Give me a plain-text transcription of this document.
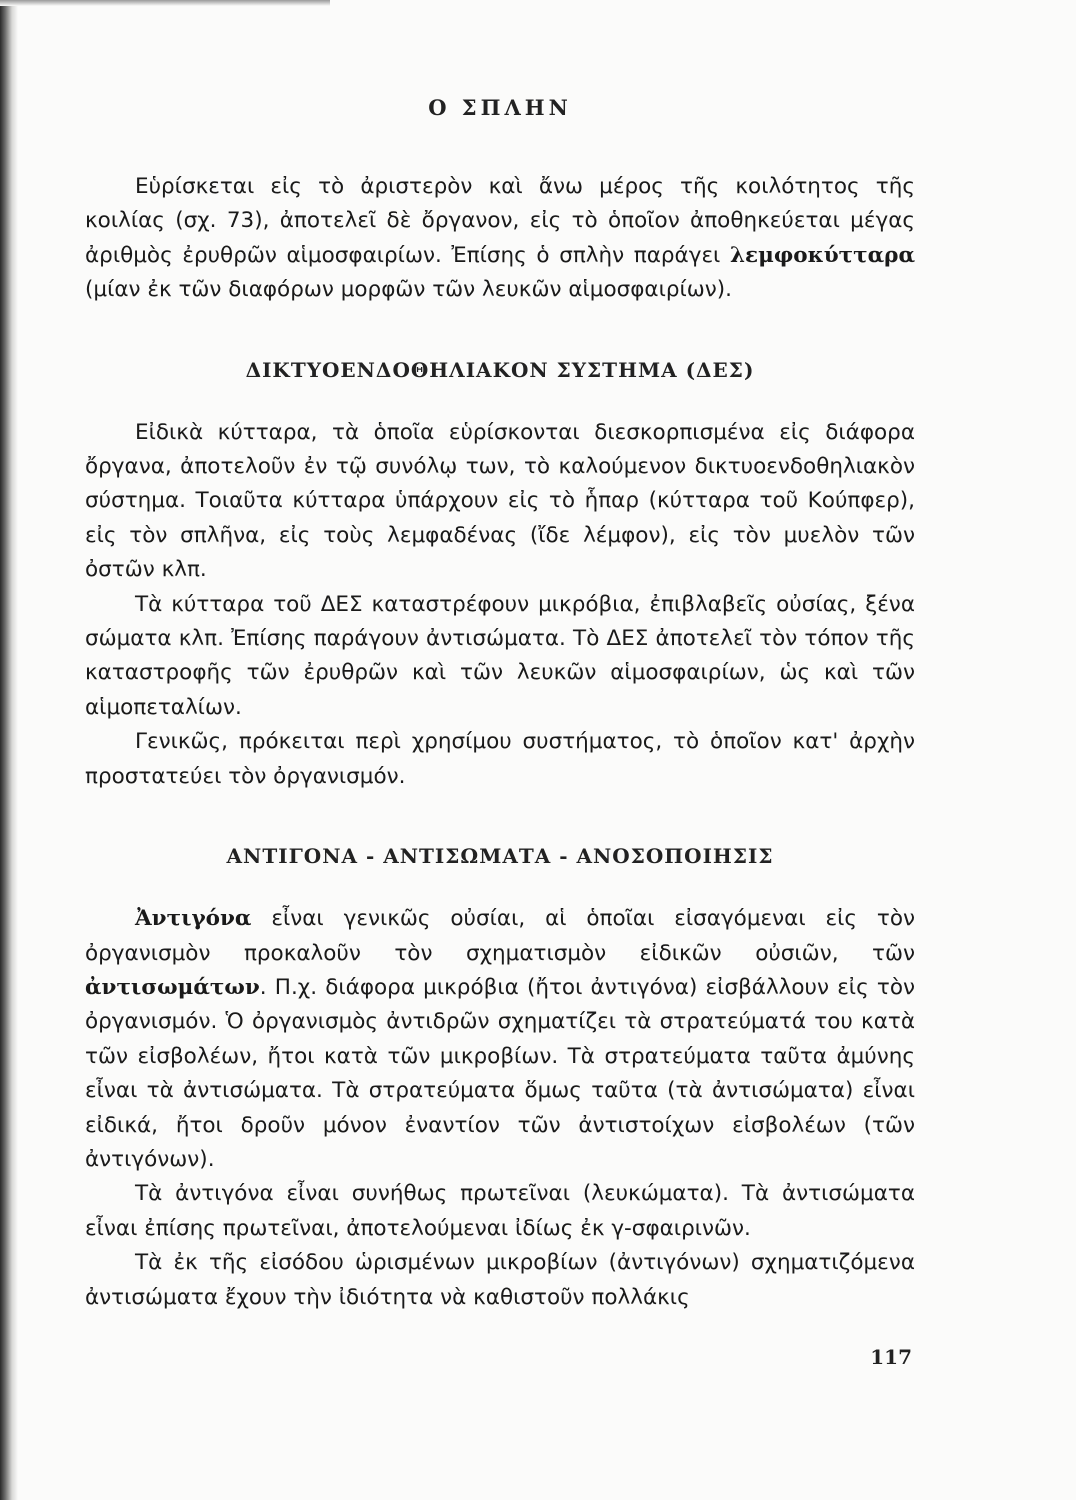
Ο ΣΠΛΗΝ

Εὑρίσκεται εἰς τὸ ἀριστερὸν καὶ ἄνω μέρος τῆς κοιλότητος τῆς κοιλίας (σχ. 73), ἀποτελεῖ δὲ ὄργανον, εἰς τὸ ὁποῖον ἀποθηκεύεται μέγας ἀριθμὸς ἐρυθρῶν αἱμοσφαιρίων. Ἐπίσης ὁ σπλὴν παράγει λεμφοκύτταρα (μίαν ἐκ τῶν διαφόρων μορφῶν τῶν λευκῶν αἱμοσφαιρίων).

ΔΙΚΤΥΟΕΝΔΟΘΗΛΙΑΚΟΝ ΣΥΣΤΗΜΑ (ΔΕΣ)

Εἰδικὰ κύτταρα, τὰ ὁποῖα εὑρίσκονται διεσκορπισμένα εἰς διάφορα ὄργανα, ἀποτελοῦν ἐν τῷ συνόλῳ των, τὸ καλούμενον δικτυοενδοθηλιακὸν σύστημα. Τοιαῦτα κύτταρα ὑπάρχουν εἰς τὸ ἧπαρ (κύτταρα τοῦ Κούπφερ), εἰς τὸν σπλῆνα, εἰς τοὺς λεμφαδένας (ἴδε λέμφον), εἰς τὸν μυελὸν τῶν ὀστῶν κλπ.

Τὰ κύτταρα τοῦ ΔΕΣ καταστρέφουν μικρόβια, ἐπιβλαβεῖς οὐσίας, ξένα σώματα κλπ. Ἐπίσης παράγουν ἀντισώματα. Τὸ ΔΕΣ ἀποτελεῖ τὸν τόπον τῆς καταστροφῆς τῶν ἐρυθρῶν καὶ τῶν λευκῶν αἱμοσφαιρίων, ὡς καὶ τῶν αἱμοπεταλίων.

Γενικῶς, πρόκειται περὶ χρησίμου συστήματος, τὸ ὁποῖον κατ' ἀρχὴν προστατεύει τὸν ὀργανισμόν.

ΑΝΤΙΓΟΝΑ - ΑΝΤΙΣΩΜΑΤΑ - ΑΝΟΣΟΠΟΙΗΣΙΣ

Ἀντιγόνα εἶναι γενικῶς οὐσίαι, αἱ ὁποῖαι εἰσαγόμεναι εἰς τὸν ὀργανισμὸν προκαλοῦν τὸν σχηματισμὸν εἰδικῶν οὐσιῶν, τῶν ἀντισωμάτων. Π.χ. διάφορα μικρόβια (ἤτοι ἀντιγόνα) εἰσβάλλουν εἰς τὸν ὀργανισμόν. Ὁ ὀργανισμὸς ἀντιδρῶν σχηματίζει τὰ στρατεύματά του κατὰ τῶν εἰσβολέων, ἤτοι κατὰ τῶν μικροβίων. Τὰ στρατεύματα ταῦτα ἀμύνης εἶναι τὰ ἀντισώματα. Τὰ στρατεύματα ὅμως ταῦτα (τὰ ἀντισώματα) εἶναι εἰδικά, ἤτοι δροῦν μόνον ἐναντίον τῶν ἀντιστοίχων εἰσβολέων (τῶν ἀντιγόνων).

Τὰ ἀντιγόνα εἶναι συνήθως πρωτεῖναι (λευκώματα). Τὰ ἀντισώματα εἶναι ἐπίσης πρωτεῖναι, ἀποτελούμεναι ἰδίως ἐκ γ-σφαιρινῶν.

Τὰ ἐκ τῆς εἰσόδου ὡρισμένων μικροβίων (ἀντιγόνων) σχηματιζόμενα ἀντισώματα ἔχουν τὴν ἰδιότητα νὰ καθιστοῦν πολλάκις

117
